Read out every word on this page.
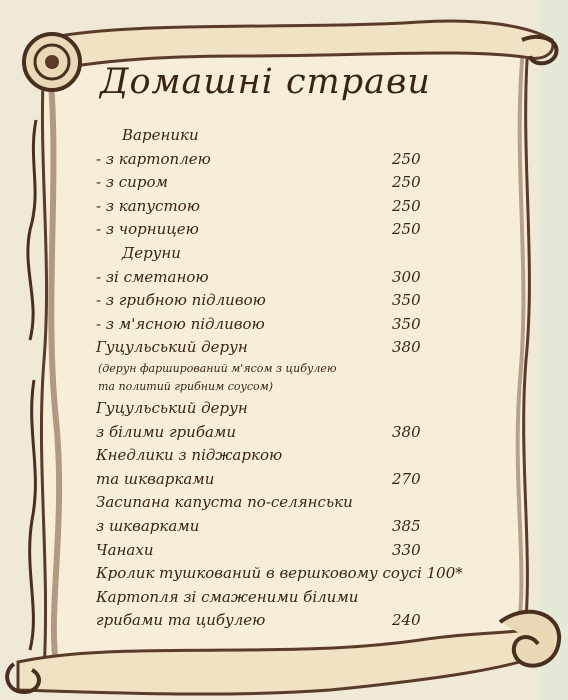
Домашні страви
Вареники
- з картоплею	250
- з сиром	250
- з капустою	250
- з чорницею	250
Деруни
- зі сметаною	300
- з грибною підливою	350
- з м'ясною підливою	350
Гуцульський дерун	380
(дерун фарширований м'ясом з цибулею
та политий грибним соусом)
Гуцульський дерун
з білими грибами	380
Кнедлики з піджаркою
та шкварками	270
Засипана капуста по-селянськи
з шкварками	385
Чанахи	330
Кролик тушкований в вершковому соусі 100*
Картопля зі смаженими білими
грибами та цибулею	240
